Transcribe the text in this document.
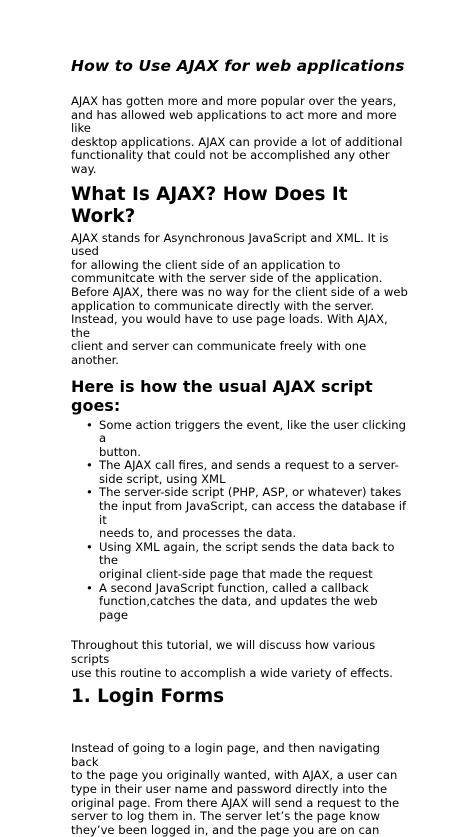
How to Use AJAX for web applications

AJAX has gotten more and more popular over the years,
and has allowed web applications to act more and more like
desktop applications. AJAX can provide a lot of additional
functionality that could not be accomplished any other way.

What Is AJAX? How Does It Work?

AJAX stands for Asynchronous JavaScript and XML. It is used
for allowing the client side of an application to
communitcate with the server side of the application.
Before AJAX, there was no way for the client side of a web
application to communicate directly with the server.
Instead, you would have to use page loads. With AJAX, the
client and server can communicate freely with one another.

Here is how the usual AJAX script
goes:
• Some action triggers the event, like the user clicking a
button.
• The AJAX call fires, and sends a request to a server-
side script, using XML
• The server-side script (PHP, ASP, or whatever) takes
the input from JavaScript, can access the database if it
needs to, and processes the data.
• Using XML again, the script sends the data back to the
original client-side page that made the request
• A second JavaScript function, called a callback
function,catches the data, and updates the web page

Throughout this tutorial, we will discuss how various scripts
use this routine to accomplish a wide variety of effects.

1. Login Forms

Instead of going to a login page, and then navigating back
to the page you originally wanted, with AJAX, a user can
type in their user name and password directly into the
original page. From there AJAX will send a request to the
server to log them in. The server let’s the page know
they’ve been logged in, and the page you are on can
